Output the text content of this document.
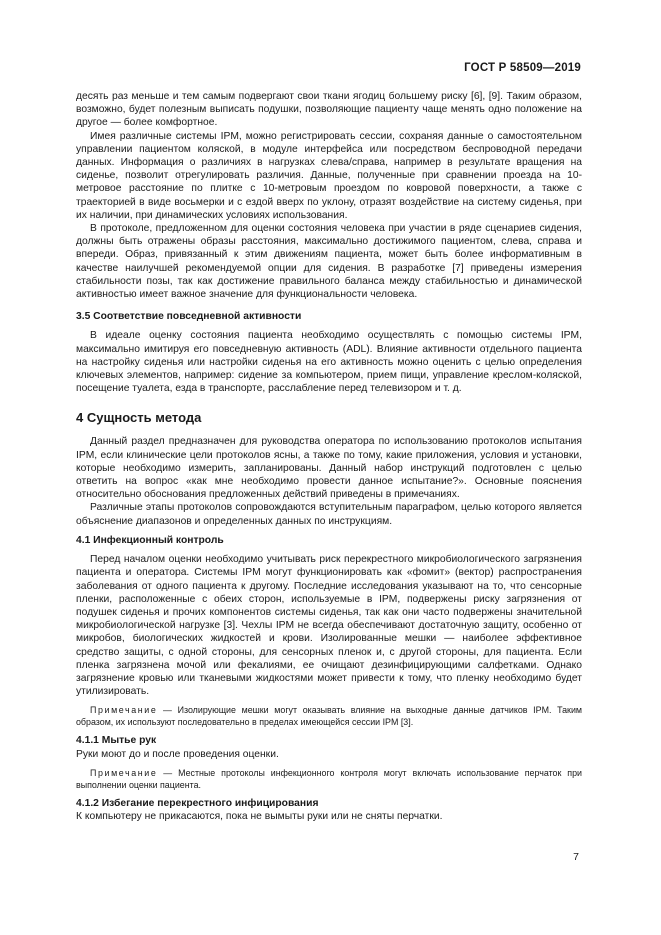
ГОСТ Р 58509—2019

десять раз меньше и тем самым подвергают свои ткани ягодиц большему риску [6], [9]. Таким образом, возможно, будет полезным выписать подушки, позволяющие пациенту чаще менять одно положение на другое — более комфортное.

Имея различные системы IPM, можно регистрировать сессии, сохраняя данные о самостоятельном управлении пациентом коляской, в модуле интерфейса или посредством беспроводной передачи данных. Информация о различиях в нагрузках слева/справа, например в результате вращения на сиденье, позволит отрегулировать различия. Данные, полученные при сравнении проезда на 10-метровое расстояние по плитке с 10-метровым проездом по ковровой поверхности, а также с траекторией в виде восьмерки и с ездой вверх по уклону, отразят воздействие на систему сиденья, при их наличии, при динамических условиях использования.

В протоколе, предложенном для оценки состояния человека при участии в ряде сценариев сидения, должны быть отражены образы расстояния, максимально достижимого пациентом, слева, справа и впереди. Образ, привязанный к этим движениям пациента, может быть более информативным в качестве наилучшей рекомендуемой опции для сидения. В разработке [7] приведены измерения стабильности позы, так как достижение правильного баланса между стабильностью и динамической активностью имеет важное значение для функциональности человека.

3.5 Соответствие повседневной активности

В идеале оценку состояния пациента необходимо осуществлять с помощью системы IPM, максимально имитируя его повседневную активность (ADL). Влияние активности отдельного пациента на настройку сиденья или настройки сиденья на его активность можно оценить с целью определения ключевых элементов, например: сидение за компьютером, прием пищи, управление креслом-коляской, посещение туалета, езда в транспорте, расслабление перед телевизором и т. д.

4 Сущность метода

Данный раздел предназначен для руководства оператора по использованию протоколов испытания IPM, если клинические цели протоколов ясны, а также по тому, какие приложения, условия и установки, которые необходимо измерить, запланированы. Данный набор инструкций подготовлен с целью ответить на вопрос «как мне необходимо провести данное испытание?». Основные пояснения относительно обоснования предложенных действий приведены в примечаниях.

Различные этапы протоколов сопровождаются вступительным параграфом, целью которого является объяснение диапазонов и определенных данных по инструкциям.

4.1 Инфекционный контроль

Перед началом оценки необходимо учитывать риск перекрестного микробиологического загрязнения пациента и оператора. Системы IPM могут функционировать как «фомит» (вектор) распространения заболевания от одного пациента к другому. Последние исследования указывают на то, что сенсорные пленки, расположенные с обеих сторон, используемые в IPM, подвержены риску загрязнения от подушек сиденья и прочих компонентов системы сиденья, так как они часто подвержены значительной микробиологической нагрузке [3]. Чехлы IPM не всегда обеспечивают достаточную защиту, особенно от микробов, биологических жидкостей и крови. Изолированные мешки — наиболее эффективное средство защиты, с одной стороны, для сенсорных пленок и, с другой стороны, для пациента. Если пленка загрязнена мочой или фекалиями, ее очищают дезинфицирующими салфетками. Однако загрязнение кровью или тканевыми жидкостями может привести к тому, что пленку необходимо будет утилизировать.

Примечание — Изолирующие мешки могут оказывать влияние на выходные данные датчиков IPM. Таким образом, их используют последовательно в пределах имеющейся сессии IPM [3].

4.1.1 Мытье рук

Руки моют до и после проведения оценки.

Примечание — Местные протоколы инфекционного контроля могут включать использование перчаток при выполнении оценки пациента.

4.1.2 Избегание перекрестного инфицирования

К компьютеру не прикасаются, пока не вымыты руки или не сняты перчатки.

7
